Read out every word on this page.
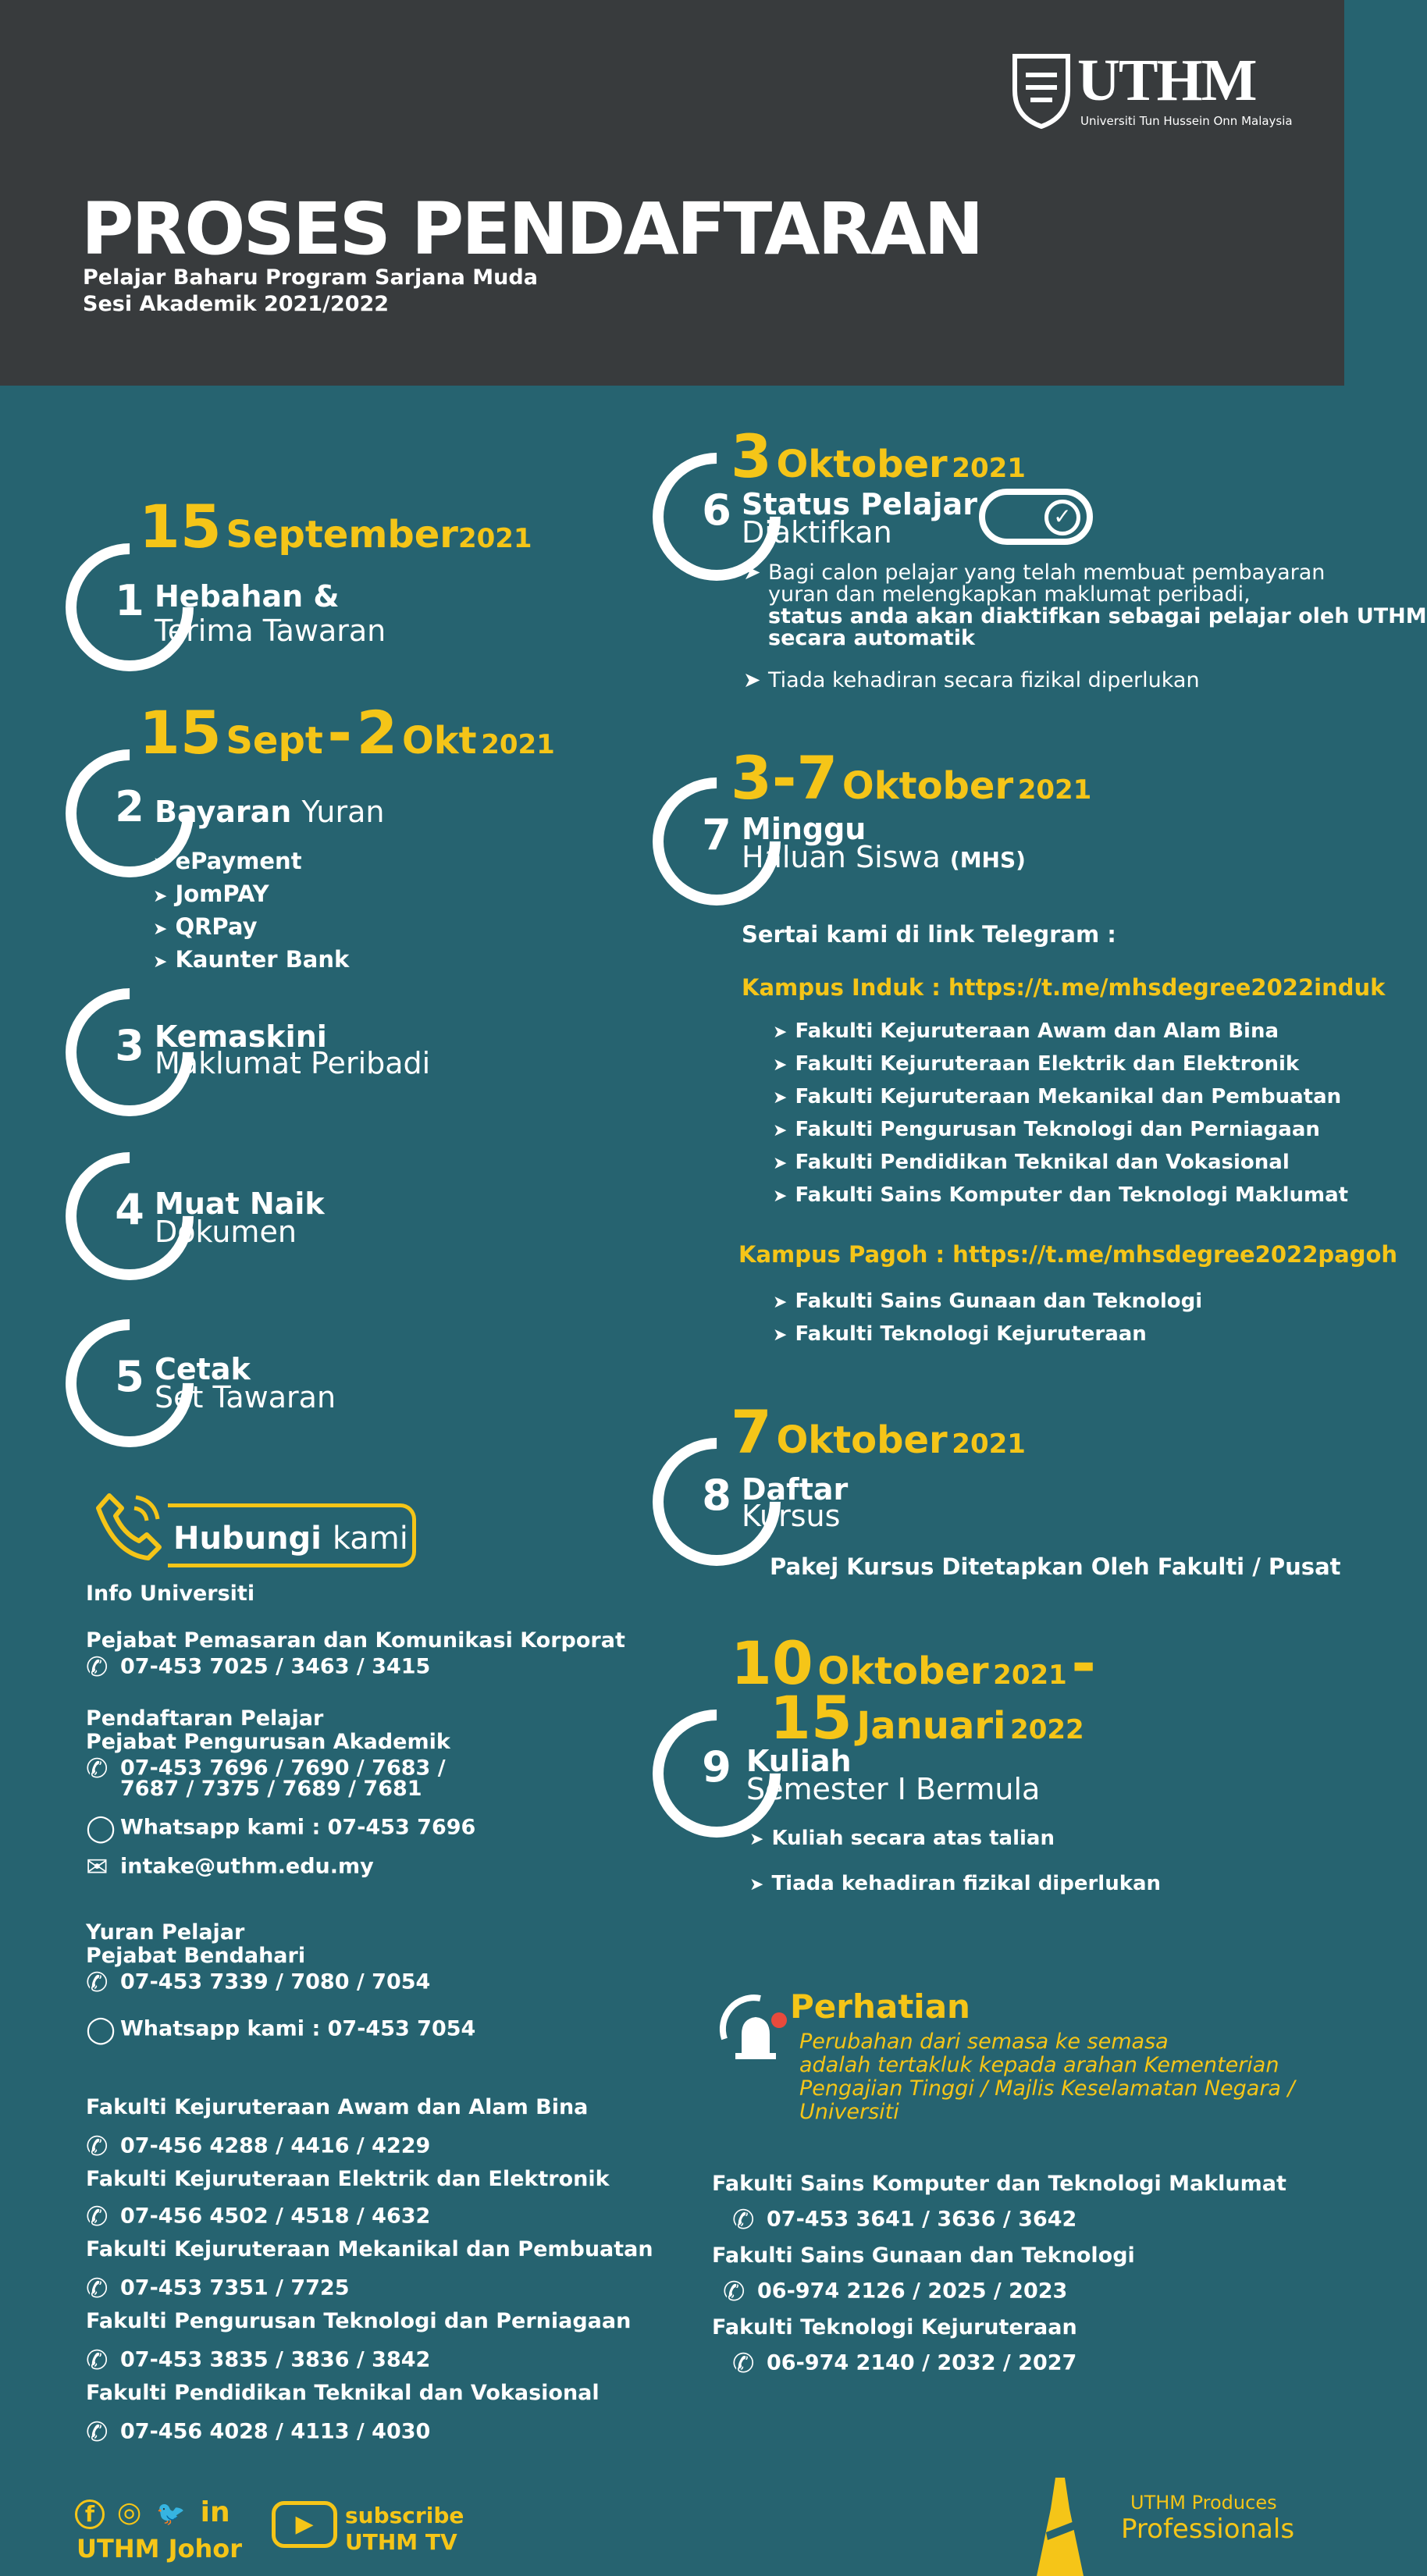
UTHM
Universiti Tun Hussein Onn Malaysia
PROSES PENDAFTARAN
Pelajar Baharu Program Sarjana Muda
Sesi Akademik 2021/2022
1
15 September2021
Hebahan &
Terima Tawaran
2
15 Sept - 2 Okt 2021
Bayaran Yuran
➤ ePayment
➤ JomPAY
➤ QRPay
➤ Kaunter Bank
3 Kemaskini
Maklumat Peribadi
4 Muat Naik
Dokumen
5 Cetak
Set Tawaran
Hubungi kami
Info Universiti
Pejabat Pemasaran dan Komunikasi Korporat
✆ 07-453 7025 / 3463 / 3415
Pendaftaran Pelajar
Pejabat Pengurusan Akademik
✆ 07-453 7696 / 7690 / 7683 /
7687 / 7375 / 7689 / 7681
◯ Whatsapp kami : 07-453 7696
✉ intake@uthm.edu.my
Yuran Pelajar
Pejabat Bendahari
✆ 07-453 7339 / 7080 / 7054
◯ Whatsapp kami : 07-453 7054
Fakulti Kejuruteraan Awam dan Alam Bina
✆ 07-456 4288 / 4416 / 4229
Fakulti Kejuruteraan Elektrik dan Elektronik
✆ 07-456 4502 / 4518 / 4632
Fakulti Kejuruteraan Mekanikal dan Pembuatan
✆ 07-453 7351 / 7725
Fakulti Pengurusan Teknologi dan Perniagaan
✆ 07-453 3835 / 3836 / 3842
Fakulti Pendidikan Teknikal dan Vokasional
✆ 07-456 4028 / 4113 / 4030
6
3 Oktober 2021
Status Pelajar
Diaktifkan	✓
➤ Bagi calon pelajar yang telah membuat pembayaran
yuran dan melengkapkan maklumat peribadi,
status anda akan diaktifkan sebagai pelajar oleh UTHM
secara automatik
➤ Tiada kehadiran secara fizikal diperlukan
7
3-7 Oktober 2021
Minggu
Haluan Siswa (MHS)
Sertai kami di link Telegram :
Kampus Induk : https://t.me/mhsdegree2022induk
➤ Fakulti Kejuruteraan Awam dan Alam Bina
➤ Fakulti Kejuruteraan Elektrik dan Elektronik
➤ Fakulti Kejuruteraan Mekanikal dan Pembuatan
➤ Fakulti Pengurusan Teknologi dan Perniagaan
➤ Fakulti Pendidikan Teknikal dan Vokasional
➤ Fakulti Sains Komputer dan Teknologi Maklumat
Kampus Pagoh : https://t.me/mhsdegree2022pagoh
➤ Fakulti Sains Gunaan dan Teknologi
➤ Fakulti Teknologi Kejuruteraan
8
7 Oktober 2021
Daftar
Kursus
Pakej Kursus Ditetapkan Oleh Fakulti / Pusat
9
10 Oktober 2021 -
15 Januari 2022
Kuliah
Semester I Bermula
➤ Kuliah secara atas talian
➤ Tiada kehadiran fizikal diperlukan
Perhatian
Perubahan dari semasa ke semasa
adalah tertakluk kepada arahan Kementerian
Pengajian Tinggi / Majlis Keselamatan Negara /
Universiti
Fakulti Sains Komputer dan Teknologi Maklumat
✆ 07-453 3641 / 3636 / 3642
Fakulti Sains Gunaan dan Teknologi
✆ 06-974 2126 / 2025 / 2023
Fakulti Teknologi Kejuruteraan
✆ 06-974 2140 / 2032 / 2027
f ◎ 🐦 in
UTHM Johor
▶	subscribe
UTHM TV
UTHM Produces
Professionals
